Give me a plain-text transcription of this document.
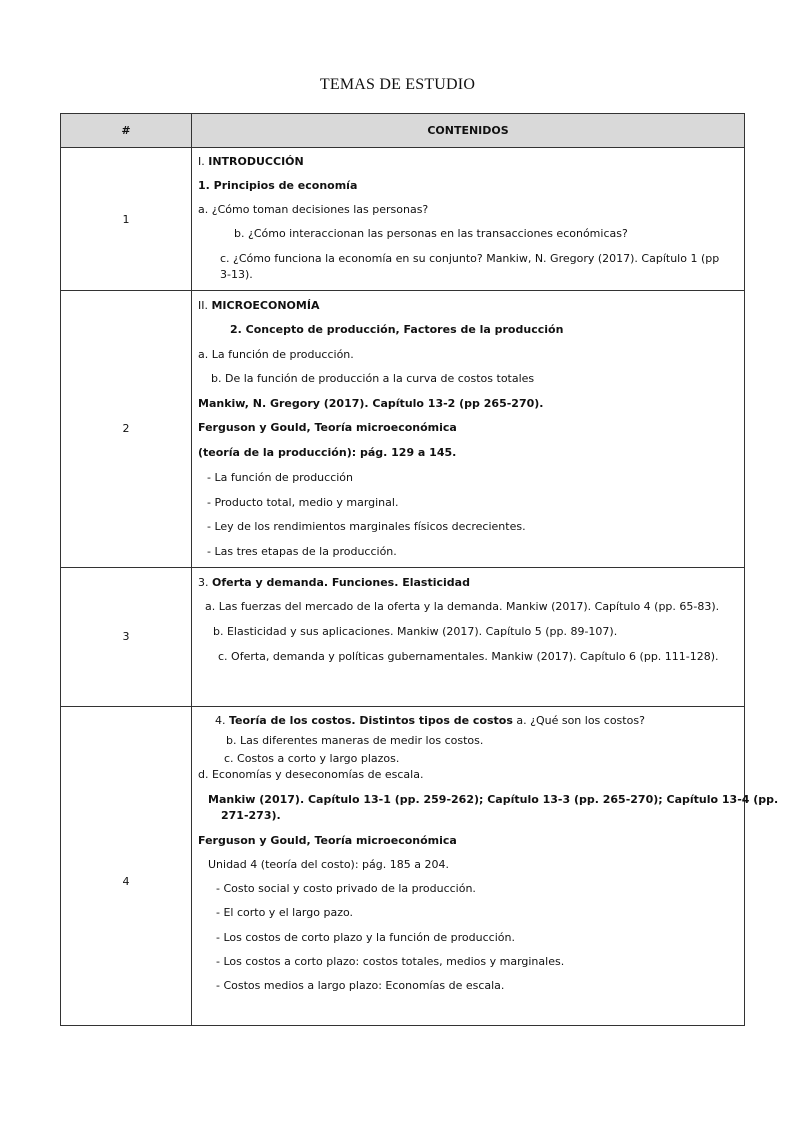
TEMAS DE ESTUDIO
#	CONTENIDOS
1
I. INTRODUCCIÓN
1. Principios de economía
a. ¿Cómo toman decisiones las personas?
b. ¿Cómo interaccionan las personas en las transacciones económicas?
c. ¿Cómo funciona la economía en su conjunto? Mankiw, N. Gregory (2017). Capítulo 1 (pp
3-13).
2
II. MICROECONOMÍA
2. Concepto de producción, Factores de la producción
a. La función de producción.
b. De la función de producción a la curva de costos totales
Mankiw, N. Gregory (2017). Capítulo 13-2 (pp 265-270).
Ferguson y Gould, Teoría microeconómica
(teoría de la producción): pág. 129 a 145.
- La función de producción
- Producto total, medio y marginal.
- Ley de los rendimientos marginales físicos decrecientes.
- Las tres etapas de la producción.
3
3. Oferta y demanda. Funciones. Elasticidad
a. Las fuerzas del mercado de la oferta y la demanda. Mankiw (2017). Capítulo 4 (pp. 65-83).
b. Elasticidad y sus aplicaciones. Mankiw (2017). Capítulo 5 (pp. 89-107).
c. Oferta, demanda y políticas gubernamentales. Mankiw (2017). Capítulo 6 (pp. 111-128).
4
4. Teoría de los costos. Distintos tipos de costos a. ¿Qué son los costos?
b. Las diferentes maneras de medir los costos.
c. Costos a corto y largo plazos.
d. Economías y deseconomías de escala.
Mankiw (2017). Capítulo 13-1 (pp. 259-262); Capítulo 13-3 (pp. 265-270); Capítulo 13-4 (pp.
271-273).
Ferguson y Gould, Teoría microeconómica
Unidad 4 (teoría del costo): pág. 185 a 204.
- Costo social y costo privado de la producción.
- El corto y el largo pazo.
- Los costos de corto plazo y la función de producción.
- Los costos a corto plazo: costos totales, medios y marginales.
- Costos medios a largo plazo: Economías de escala.
